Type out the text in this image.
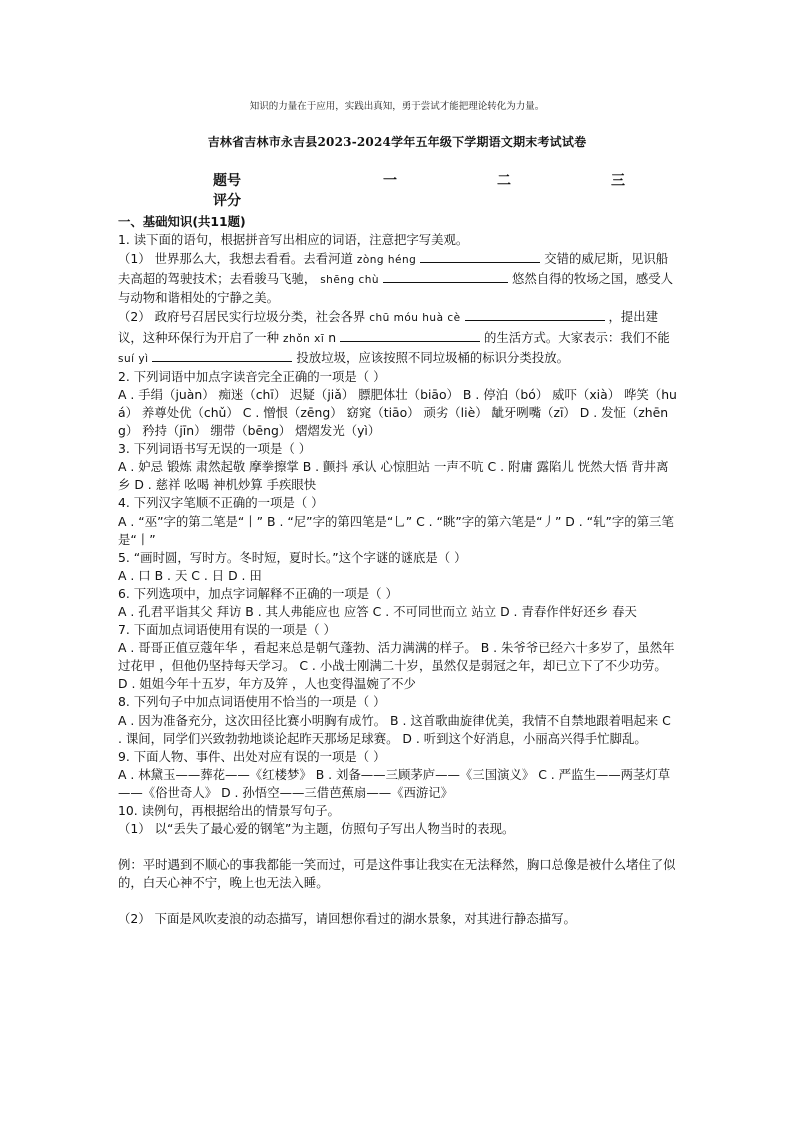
知识的力量在于应用，实践出真知，勇于尝试才能把理论转化为力量。
吉林省吉林市永吉县2023-2024学年五年级下学期语文期末考试试卷
题号	一	二	三
评分

一、基础知识(共11题)

1. 读下面的语句，根据拼音写出相应的词语，注意把字写美观。

（1） 世界那么大，我想去看看。去看河道 zòng héng	交错的威尼斯，见识船夫高超的驾驶技术；去看骏马飞驰， shēng chù	悠然自得的牧场之国，感受人与动物和谐相处的宁静之美。

（2） 政府号召居民实行垃圾分类，社会各界 chū móu huà cè	，提出建议，这种环保行为开启了一种 zhǒn xī n	的生活方式。大家表示：我们不能 suí yì	投放垃圾，应该按照不同垃圾桶的标识分类投放。

2. 下列词语中加点字读音完全正确的一项是（ ）

A . 手绢（juàn） 痴迷（chī） 迟疑（jiǎ） 膘肥体壮（biāo） B . 停泊（bó） 威吓（xià） 哗笑（huá） 养尊处优（chǔ） C . 憎恨（zēng） 窈窕（tiāo） 顽劣（liè） 龇牙咧嘴（zī） D . 发怔（zhēng） 矜持（jīn） 绷带（bēng） 熠熠发光（yì）

3. 下列词语书写无误的一项是（ ）

A . 妒忌 锻炼 肃然起敬 摩拳擦掌 B . 颤抖 承认 心惊胆站 一声不吭 C . 附庸 露陷儿 恍然大悟 背井离乡 D . 慈祥 吆喝 神机炒算 手疾眼快

4. 下列汉字笔顺不正确的一项是（ ）

A . “巫”字的第二笔是“丨” B . “尼”字的第四笔是“乚” C . “眺”字的第六笔是“丿” D . “轧”字的第三笔是“丨”

5. “画时圆，写时方。冬时短，夏时长。”这个字谜的谜底是（ ）

A . 口 B . 天 C . 日 D . 田

6. 下列选项中，加点字词解释不正确的一项是（ ）

A . 孔君平诣其父 拜访 B . 其人弗能应也 应答 C . 不可同世而立 站立 D . 青春作伴好还乡 春天

7. 下面加点词语使用有误的一项是（ ）

A . 哥哥正值豆蔻年华 ，看起来总是朝气蓬勃、活力满满的样子。 B . 朱爷爷已经六十多岁了，虽然年过花甲 ，但他仍坚持每天学习。 C . 小战士刚满二十岁，虽然仅是弱冠之年，却已立下了不少功劳。 D . 姐姐今年十五岁，年方及笄 ，人也变得温婉了不少

8. 下列句子中加点词语使用不恰当的一项是（ ）

A . 因为准备充分，这次田径比赛小明胸有成竹。 B . 这首歌曲旋律优美，我情不自禁地跟着唱起来 C . 课间，同学们兴致勃勃地谈论起昨天那场足球赛。 D . 听到这个好消息，小丽高兴得手忙脚乱。

9. 下面人物、事件、出处对应有误的一项是（ ）

A . 林黛玉——葬花——《红楼梦》 B . 刘备——三顾茅庐——《三国演义》 C . 严监生——两茎灯草——《俗世奇人》 D . 孙悟空——三借芭蕉扇——《西游记》

10. 读例句，再根据给出的情景写句子。

（1） 以“丢失了最心爱的钢笔”为主题，仿照句子写出人物当时的表现。

例：平时遇到不顺心的事我都能一笑而过，可是这件事让我实在无法释然，胸口总像是被什么堵住了似的，白天心神不宁，晚上也无法入睡。

（2） 下面是风吹麦浪的动态描写，请回想你看过的湖水景象，对其进行静态描写。
